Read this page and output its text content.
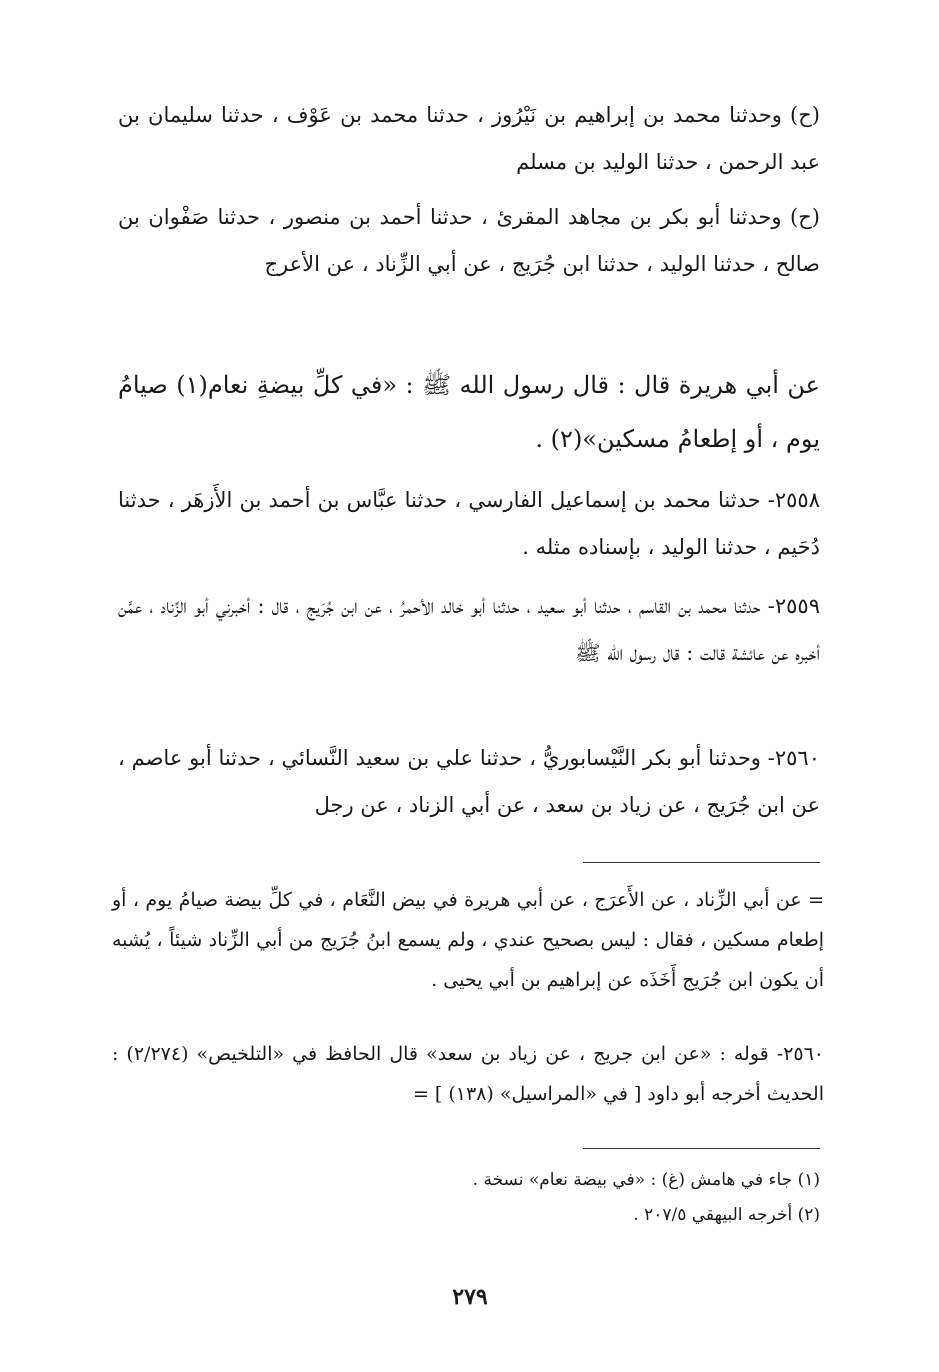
(ح) وحدثنا محمد بن إبراهيم بن نَيْرُوز ، حدثنا محمد بن عَوْف ، حدثنا سليمان بن عبد الرحمن ، حدثنا الوليد بن مسلم

(ح) وحدثنا أبو بكر بن مجاهد المقرئ ، حدثنا أحمد بن منصور ، حدثنا صَفْوان بن صالح ، حدثنا الوليد ، حدثنا ابن جُرَيج ، عن أبي الزِّناد ، عن الأعرج

عن أبي هريرة قال : قال رسول الله ﷺ : «في كلِّ بيضةِ نعام(١) صيامُ يوم ، أو إطعامُ مسكين»(٢) .

٢٥٥٨- حدثنا محمد بن إسماعيل الفارسي ، حدثنا عبَّاس بن أحمد بن الأَزهَر ، حدثنا دُحَيم ، حدثنا الوليد ، بإسناده مثله .

٢٥٥٩- حدثنا محمد بن القاسم ، حدثنا أبو سعيد ، حدثنا أبو خالد الأحمرُ ، عن ابن جُرَيج ، قال : أخبرني أبو الزِّناد ، عمَّن أخبره عن عائشة قالت : قال رسول الله ﷺ

٢٥٦٠- وحدثنا أبو بكر النَّيْسابوريُّ ، حدثنا علي بن سعيد النَّسائي ، حدثنا أبو عاصم ، عن ابن جُرَيج ، عن زياد بن سعد ، عن أبي الزناد ، عن رجل

= عن أبي الزِّناد ، عن الأَعرَج ، عن أبي هريرة في بيض النَّعَام ، في كلِّ بيضة صيامُ يوم ، أو إطعام مسكين ، فقال : ليس بصحيح عندي ، ولم يسمع ابنُ جُرَيج من أبي الزِّناد شيئاً ، يُشبه أن يكون ابن جُرَيج أَخَذَه عن إبراهيم بن أبي يحيى .
٢٥٦٠- قوله : «عن ابن جريج ، عن زياد بن سعد» قال الحافظ في «التلخيص» (٢/٢٧٤) : الحديث أخرجه أبو داود [ في «المراسيل» (١٣٨) ] =

(١) جاء في هامش (غ) : «في بيضة نعام» نسخة .

(٢) أخرجه البيهقي ٢٠٧/٥ .

٢٧٩
